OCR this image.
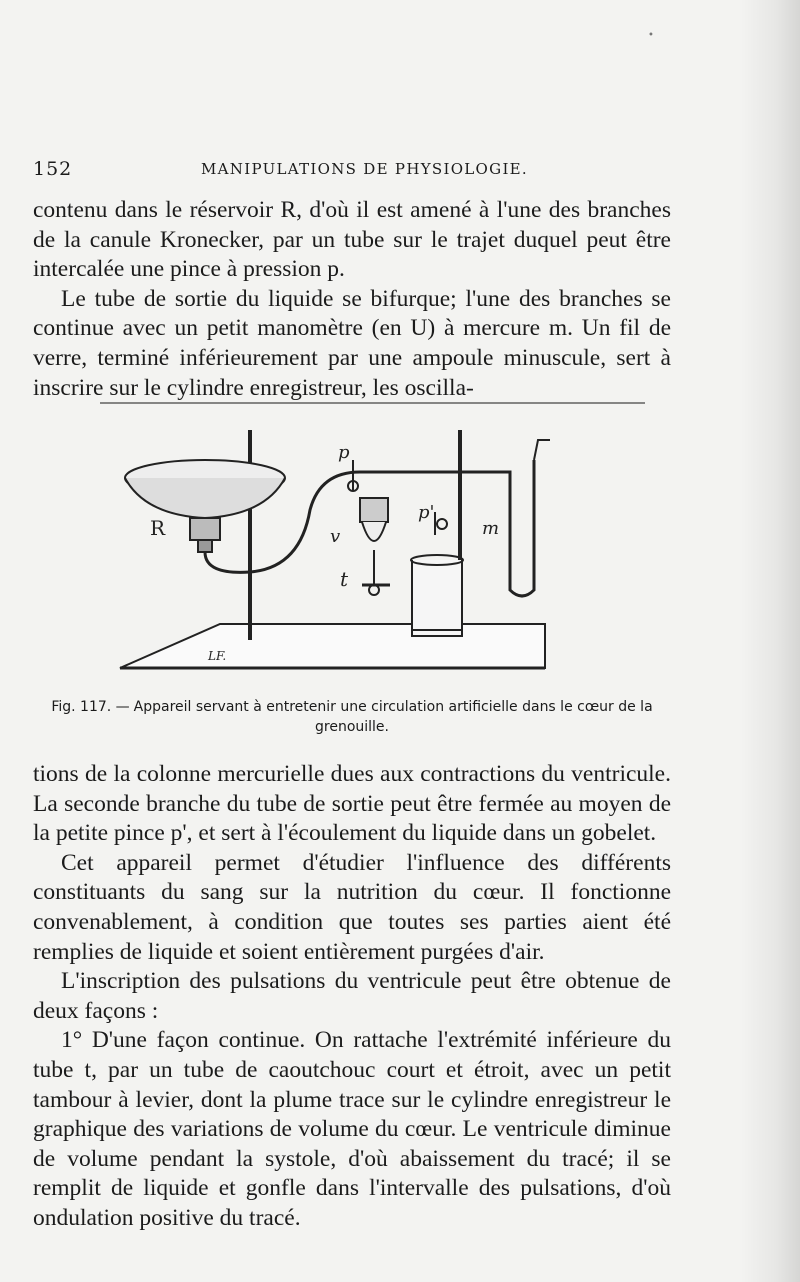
•
152	MANIPULATIONS DE PHYSIOLOGIE.

contenu dans le réservoir R, d'où il est amené à l'une des branches de la canule Kronecker, par un tube sur le trajet duquel peut être intercalée une pince à pression p.

Le tube de sortie du liquide se bifurque; l'une des branches se continue avec un petit manomètre (en U) à mercure m. Un fil de verre, terminé inférieurement par une ampoule minuscule, sert à inscrire sur le cylindre enregistreur, les oscilla-

R
p
p'
v
t
m
LF.
Fig. 117. — Appareil servant à entretenir une circulation artificielle dans le cœur de la grenouille.

tions de la colonne mercurielle dues aux contractions du ventricule. La seconde branche du tube de sortie peut être fermée au moyen de la petite pince p', et sert à l'écoulement du liquide dans un gobelet.

Cet appareil permet d'étudier l'influence des différents constituants du sang sur la nutrition du cœur. Il fonctionne convenablement, à condition que toutes ses parties aient été remplies de liquide et soient entièrement purgées d'air.

L'inscription des pulsations du ventricule peut être obtenue de deux façons :

1° D'une façon continue. On rattache l'extrémité inférieure du tube t, par un tube de caoutchouc court et étroit, avec un petit tambour à levier, dont la plume trace sur le cylindre enregistreur le graphique des variations de volume du cœur. Le ventricule diminue de volume pendant la systole, d'où abaissement du tracé; il se remplit de liquide et gonfle dans l'intervalle des pulsations, d'où ondulation positive du tracé.
